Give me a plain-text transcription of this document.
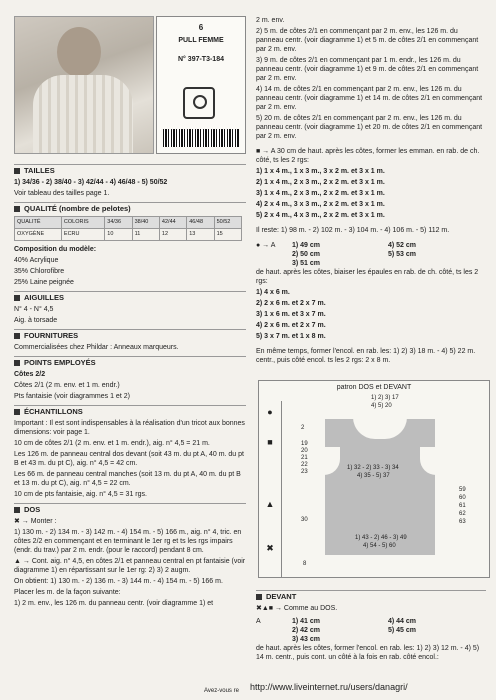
6
PULL FEMME
N° 397-T3-184
TAILLES

1) 34/36 - 2) 38/40 - 3) 42/44 - 4) 46/48 - 5) 50/52

Voir tableau des tailles page 1.

QUALITÉ (nombre de pelotes)
QUALITÉ	COLORIS	34/36	38/40	42/44	46/48	50/52
OXYGÈNE	ECRU	10	11	12	13	15

Composition du modèle:

40% Acrylique

35% Chlorofibre

25% Laine peignée

AIGUILLES

N° 4 - N° 4,5

Aig. à torsade

FOURNITURES

Commercialisées chez Phildar : Anneaux marqueurs.

POINTS EMPLOYÉS

Côtes 2/2

Côtes 2/1 (2 m. env. et 1 m. endr.)

Pts fantaisie (voir diagrammes 1 et 2)

ÉCHANTILLONS

Important : Il est sont indispensables à la réalisation d'un tricot aux bonnes dimensions: voir page 1.

10 cm de côtes 2/1 (2 m. env. et 1 m. endr.), aig. n° 4,5 = 21 m.

Les 126 m. de panneau central dos devant (soit 43 m. du pt A, 40 m. du pt B et 43 m. du pt C), aig. n° 4,5 = 42 cm.

Les 66 m. de panneau central manches (soit 13 m. du pt A, 40 m. du pt B et 13 m. du pt C), aig. n° 4,5 = 22 cm.

10 cm de pts fantaisie, aig. n° 4,5 = 31 rgs.

DOS

✖ → Monter :

1) 130 m. - 2) 134 m. - 3) 142 m. - 4) 154 m. - 5) 166 m., aig. n° 4, tric. en côtes 2/2 en commençant et en terminant le 1er rg et ts les rgs impairs (endr. du trav.) par 2 m. endr. (pour le raccord) pendant 8 cm.

▲ → Cont. aig. n° 4,5, en côtes 2/1 et panneau central en pt fantaisie (voir diagramme 1) en répartissant sur le 1er rg: 2) 3) 2 augm.

On obtient: 1) 130 m. - 2) 136 m. - 3) 144 m. - 4) 154 m. - 5) 166 m.

Placer les m. de la façon suivante:

1) 2 m. env., les 126 m. du panneau centr. (voir diagramme 1) et

2 m. env.

2) 5 m. de côtes 2/1 en commençant par 2 m. env., les 126 m. du panneau centr. (voir diagramme 1) et 5 m. de côtes 2/1 en commençant par 2 m. env.

3) 9 m. de côtes 2/1 en commençant par 1 m. endr., les 126 m. du panneau centr. (voir diagramme 1) et 9 m. de côtes 2/1 en commençant par 2 m. env.

4) 14 m. de côtes 2/1 en commençant par 2 m. env., les 126 m. du panneau centr. (voir diagramme 1) et 14 m. de côtes 2/1 en commençant par 2 m. env.

5) 20 m. de côtes 2/1 en commençant par 2 m. env., les 126 m. du panneau centr. (voir diagramme 1) et 20 m. de côtes 2/1 en commençant par 2 m. env.

■ → A 30 cm de haut. après les côtes, former les emman. en rab. de ch. côté, ts les 2 rgs:

1) 1 x 4 m., 1 x 3 m., 3 x 2 m. et 3 x 1 m.

2) 1 x 4 m., 2 x 3 m., 2 x 2 m. et 3 x 1 m.

3) 1 x 4 m., 2 x 3 m., 2 x 2 m. et 3 x 1 m.

4) 2 x 4 m., 3 x 3 m., 2 x 2 m. et 3 x 1 m.

5) 2 x 4 m., 4 x 3 m., 2 x 2 m. et 3 x 1 m.

Il reste: 1) 98 m. - 2) 102 m. - 3) 104 m. - 4) 106 m. - 5) 112 m.

● → A	1) 49 cm
2) 50 cm
3) 51 cm
4) 52 cm
5) 53 cm

de haut. après les côtes, biaiser les épaules en rab. de ch. côté, ts les 2 rgs:

1) 4 x 6 m.

2) 2 x 6 m. et 2 x 7 m.

3) 1 x 6 m. et 3 x 7 m.

4) 2 x 6 m. et 2 x 7 m.

5) 3 x 7 m. et 1 x 8 m.

En même temps, former l'encol. en rab. les: 1) 2) 3) 18 m. - 4) 5) 22 m. centr., puis côté encol. ts les 2 rgs: 2 x 8 m.

patron DOS et DEVANT
●
■
▲
✖
1) 2) 3) 17
4) 5) 20
2
19
20
21
22
23
30
8
1) 32 - 2) 33 - 3) 34
4) 35 - 5) 37
59
60
61
62
63
1) 43 - 2) 46 - 3) 49
4) 54 - 5) 60
DEVANT

✖▲■ → Comme au DOS.

A	1) 41 cm
2) 42 cm
3) 43 cm
4) 44 cm
5) 45 cm

de haut. après les côtes, former l'encol. en rab. les: 1) 2) 3) 12 m. - 4) 5) 14 m. centr., puis cont. un côté à la fois en rab. côté encol.:

Avez-vous re http://www.liveinternet.ru/users/danagri/
